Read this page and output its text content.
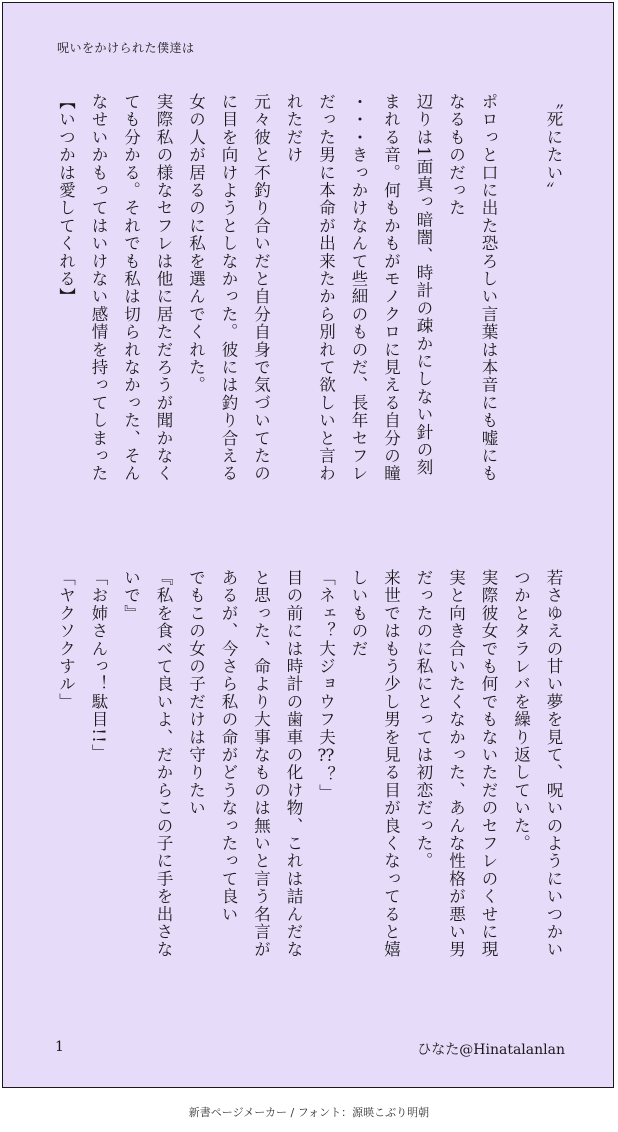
呪いをかけられた僕達は

〝死にたい〟

ポロっと口に出た恐ろしい言葉は本音にも嘘にも
なるものだった
辺りは1面真っ暗闇、時計の疎かにしない針の刻
まれる音。何もかもがモノクロに見える自分の瞳
・・・きっかけなんて些細のものだ、長年セフレ
だった男に本命が出来たから別れて欲しいと言わ
れただけ
元々彼と不釣り合いだと自分自身で気づいてたの
に目を向けようとしなかった。彼には釣り合える
女の人が居るのに私を選んでくれた。
実際私の様なセフレは他に居ただろうが聞かなく
ても分かる。それでも私は切られなかった、そん
なせいかもってはいけない感情を持ってしまった
【いつかは愛してくれる】

若さゆえの甘い夢を見て、呪いのようにいつかい
つかとタラレバを繰り返していた。
実際彼女でも何でもないただのセフレのくせに現
実と向き合いたくなかった、あんな性格が悪い男
だったのに私にとっては初恋だった。
来世ではもう少し男を見る目が良くなってると嬉
しいものだ
「ネェ？大ジョウフ夫⁇？」
目の前には時計の歯車の化け物、これは詰んだな
と思った、命より大事なものは無いと言う名言が
あるが、今さら私の命がどうなったって良い
でもこの女の子だけは守りたい
『私を食べて良いよ、だからこの子に手を出さな
いで』
「お姉さんっ！駄目!!」
「ヤクソクすル」

1	ひなた@Hinatalanlan
新書ページメーカー / フォント：源暎こぶり明朝
